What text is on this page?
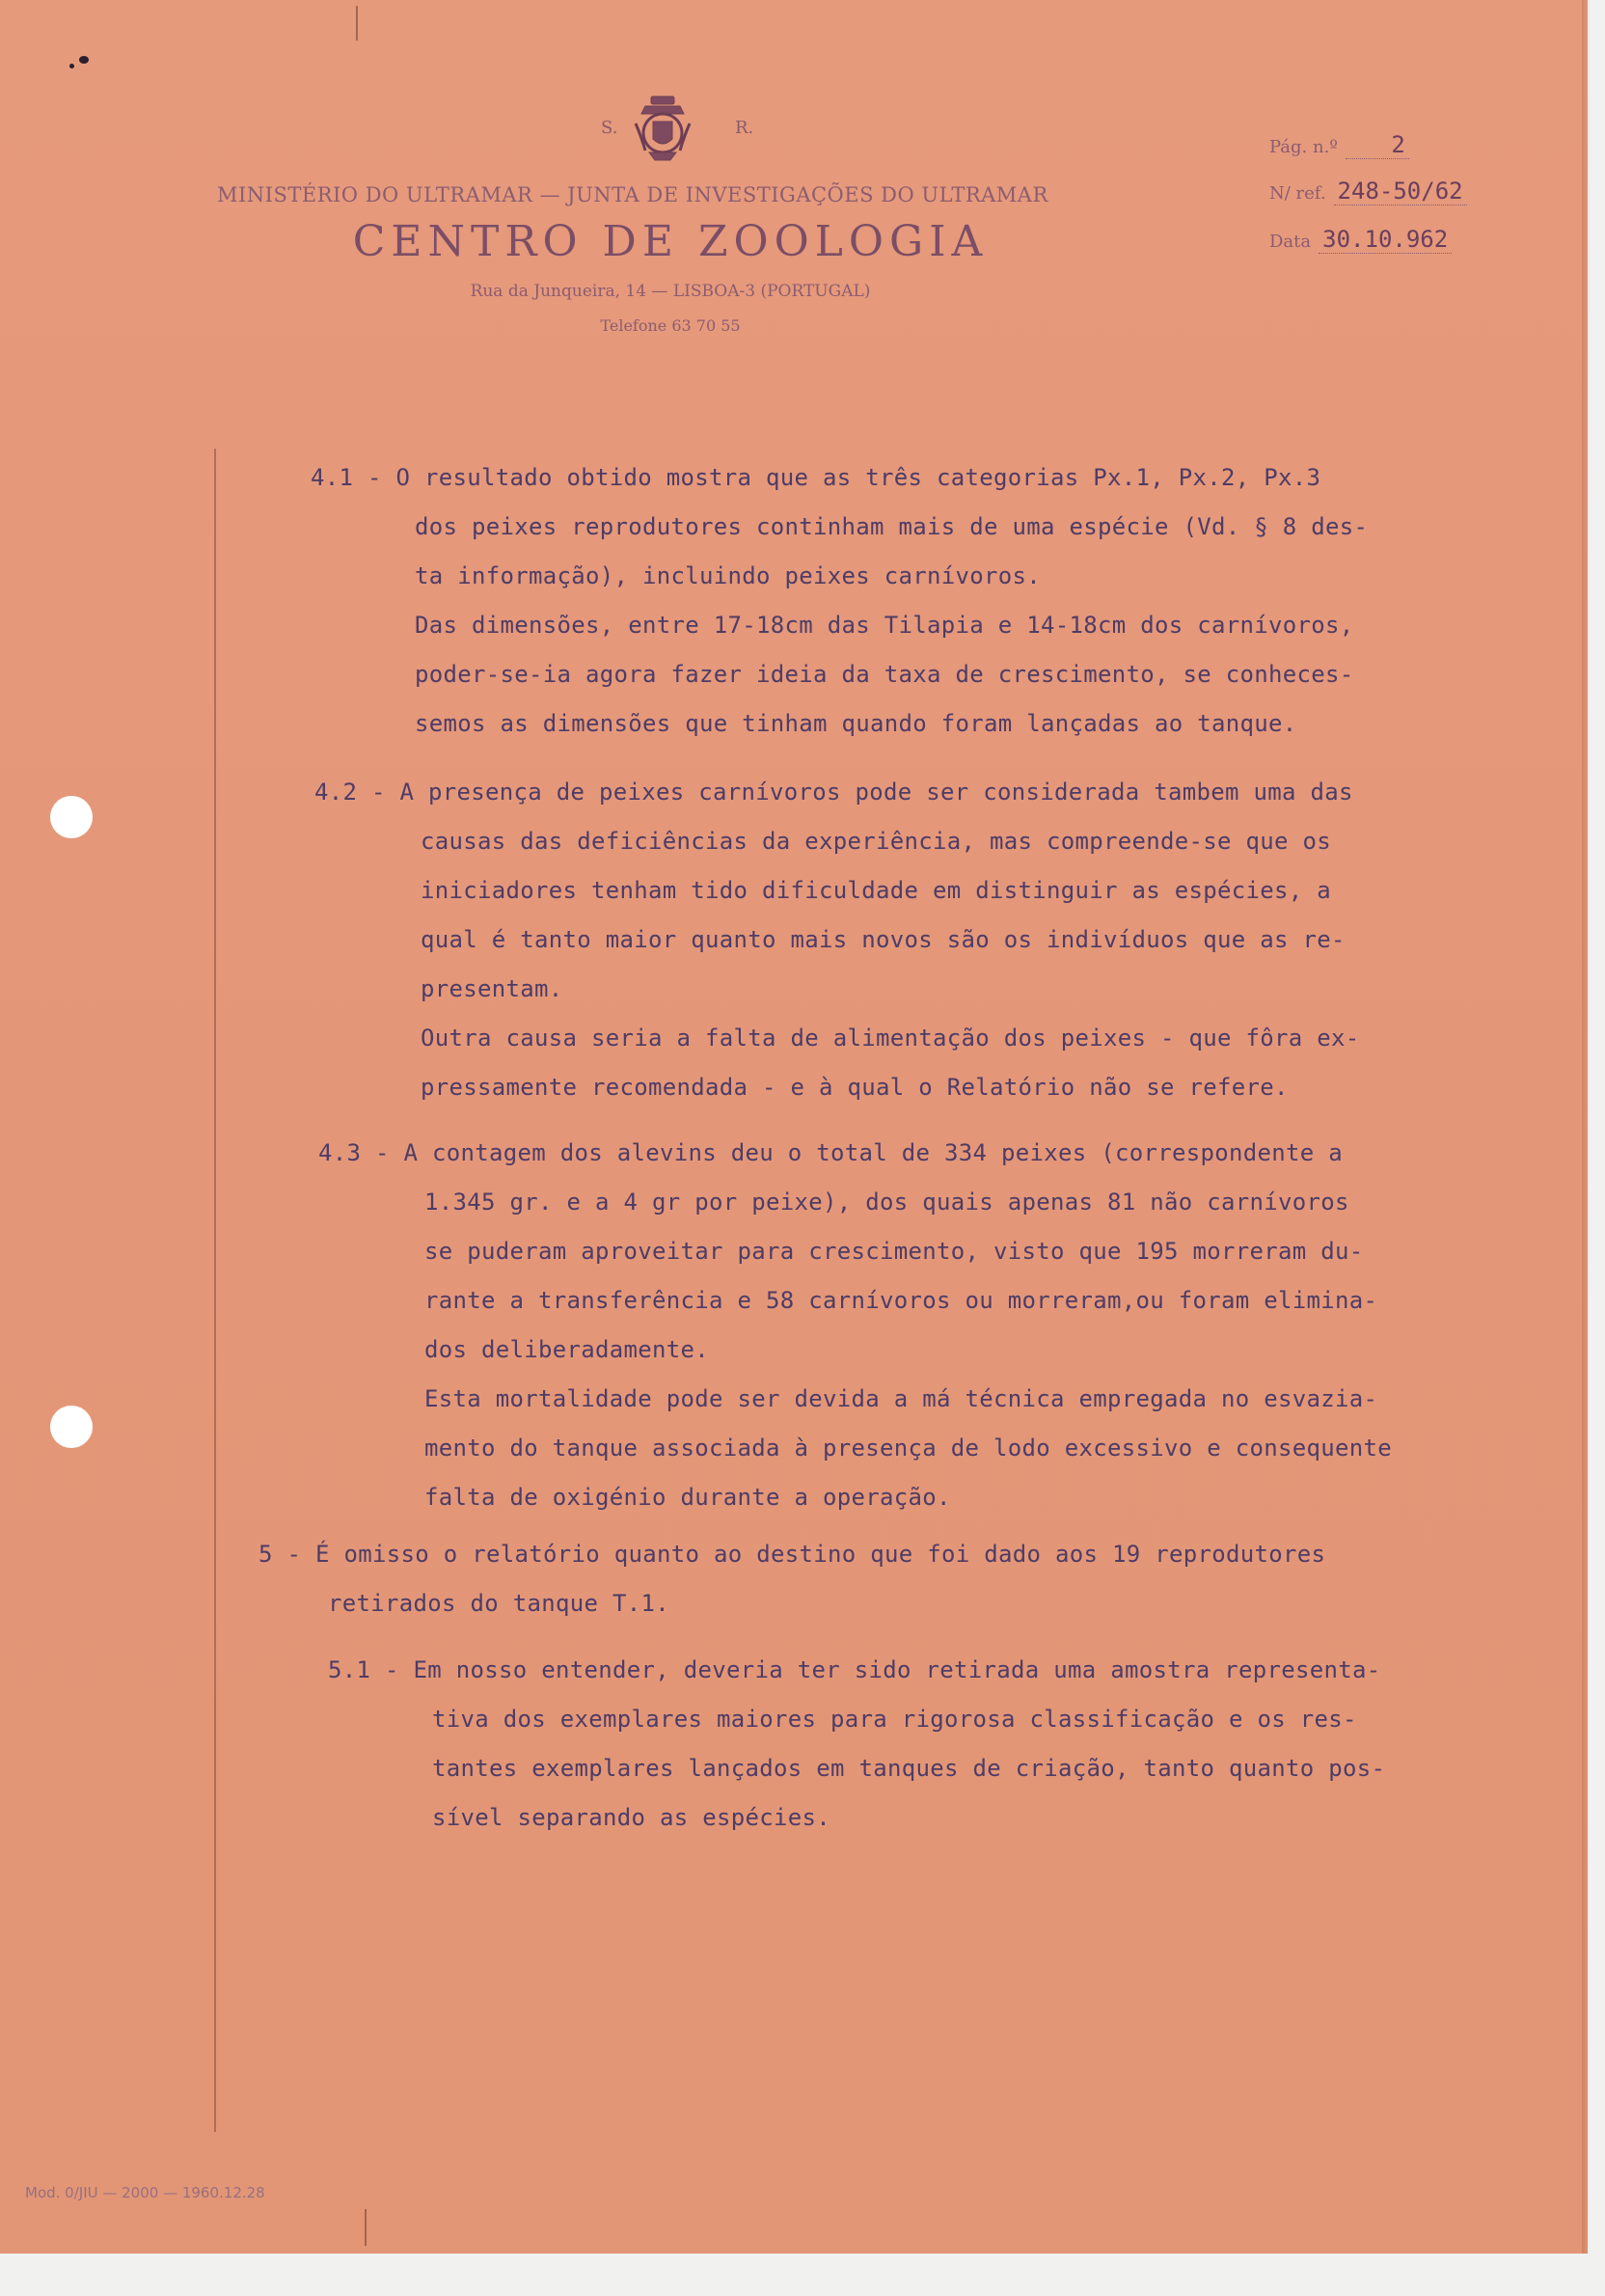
S.	R.
MINISTÉRIO DO ULTRAMAR — JUNTA DE INVESTIGAÇÕES DO ULTRAMAR
CENTRO DE ZOOLOGIA
Rua da Junqueira, 14 — LISBOA-3 (PORTUGAL)
Telefone 63 70 55
Pág. n.º 2
N/ ref. 248-50/62
Data 30.10.962
4.1 - O resultado obtido mostra que as três categorias Px.1, Px.2, Px.3
dos peixes reprodutores continham mais de uma espécie (Vd. § 8 des-
ta informação), incluindo peixes carnívoros.
Das dimensões, entre 17-18cm das Tilapia e 14-18cm dos carnívoros,
poder-se-ia agora fazer ideia da taxa de crescimento, se conheces-
semos as dimensões que tinham quando foram lançadas ao tanque.
4.2 - A presença de peixes carnívoros pode ser considerada tambem uma das
causas das deficiências da experiência, mas compreende-se que os
iniciadores tenham tido dificuldade em distinguir as espécies, a
qual é tanto maior quanto mais novos são os indivíduos que as re-
presentam.
Outra causa seria a falta de alimentação dos peixes - que fôra ex-
pressamente recomendada - e à qual o Relatório não se refere.
4.3 - A contagem dos alevins deu o total de 334 peixes (correspondente a
1.345 gr. e a 4 gr por peixe), dos quais apenas 81 não carnívoros
se puderam aproveitar para crescimento, visto que 195 morreram du-
rante a transferência e 58 carnívoros ou morreram,ou foram elimina-
dos deliberadamente.
Esta mortalidade pode ser devida a má técnica empregada no esvazia-
mento do tanque associada à presença de lodo excessivo e consequente
falta de oxigénio durante a operação.
5 - É omisso o relatório quanto ao destino que foi dado aos 19 reprodutores
retirados do tanque T.1.
5.1 - Em nosso entender, deveria ter sido retirada uma amostra representa-
tiva dos exemplares maiores para rigorosa classificação e os res-
tantes exemplares lançados em tanques de criação, tanto quanto pos-
sível separando as espécies.
Mod. 0/JIU — 2000 — 1960.12.28
